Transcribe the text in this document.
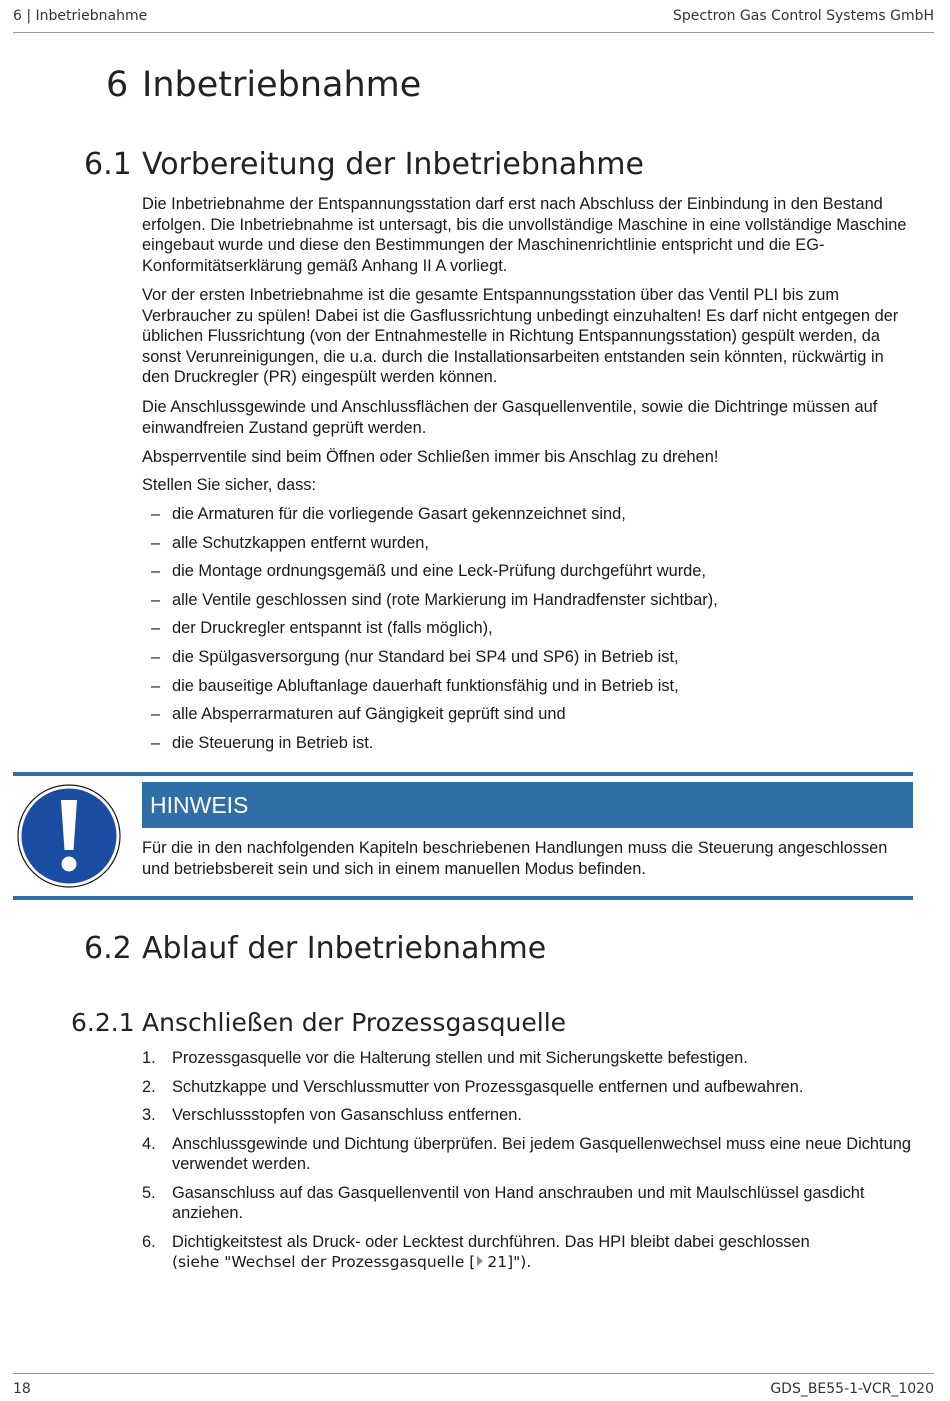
6 | Inbetriebnahme	Spectron Gas Control Systems GmbH
6 Inbetriebnahme
6.1 Vorbereitung der Inbetriebnahme

Die Inbetriebnahme der Entspannungsstation darf erst nach Abschluss der Einbindung in den Bestand erfolgen. Die Inbetriebnahme ist untersagt, bis die unvollständige Maschine in eine vollständige Maschine eingebaut wurde und diese den Bestimmungen der Maschinenrichtlinie entspricht und die EG-Konformitätserklärung gemäß Anhang II A vorliegt.

Vor der ersten Inbetriebnahme ist die gesamte Entspannungsstation über das Ventil PLI bis zum Verbraucher zu spülen! Dabei ist die Gasflussrichtung unbedingt einzuhalten! Es darf nicht entgegen der üblichen Flussrichtung (von der Entnahmestelle in Richtung Entspannungsstation) gespült werden, da sonst Verunreinigungen, die u.a. durch die Installationsarbeiten entstanden sein könnten, rückwärtig in den Druckregler (PR) eingespült werden können.

Die Anschlussgewinde und Anschlussflächen der Gasquellenventile, sowie die Dichtringe müssen auf einwandfreien Zustand geprüft werden.

Absperrventile sind beim Öffnen oder Schließen immer bis Anschlag zu drehen!

Stellen Sie sicher, dass:

– die Armaturen für die vorliegende Gasart gekennzeichnet sind,
– alle Schutzkappen entfernt wurden,
– die Montage ordnungsgemäß und eine Leck-Prüfung durchgeführt wurde,
– alle Ventile geschlossen sind (rote Markierung im Handradfenster sichtbar),
– der Druckregler entspannt ist (falls möglich),
– die Spülgasversorgung (nur Standard bei SP4 und SP6) in Betrieb ist,
– die bauseitige Abluftanlage dauerhaft funktionsfähig und in Betrieb ist,
– alle Absperrarmaturen auf Gängigkeit geprüft sind und
– die Steuerung in Betrieb ist.
HINWEIS

Für die in den nachfolgenden Kapiteln beschriebenen Handlungen muss die Steuerung angeschlossen und betriebsbereit sein und sich in einem manuellen Modus befinden.

6.2 Ablauf der Inbetriebnahme
6.2.1 Anschließen der Prozessgasquelle
1. Prozessgasquelle vor die Halterung stellen und mit Sicherungskette befestigen.
2. Schutzkappe und Verschlussmutter von Prozessgasquelle entfernen und aufbewahren.
3. Verschlussstopfen von Gasanschluss entfernen.
4. Anschlussgewinde und Dichtung überprüfen. Bei jedem Gasquellenwechsel muss eine neue Dichtung verwendet werden.
5. Gasanschluss auf das Gasquellenventil von Hand anschrauben und mit Maulschlüssel gasdicht anziehen.
6. Dichtigkeitstest als Druck- oder Lecktest durchführen. Das HPI bleibt dabei geschlossen
(siehe "Wechsel der Prozessgasquelle [ 21]").
18	GDS_BE55-1-VCR_1020
